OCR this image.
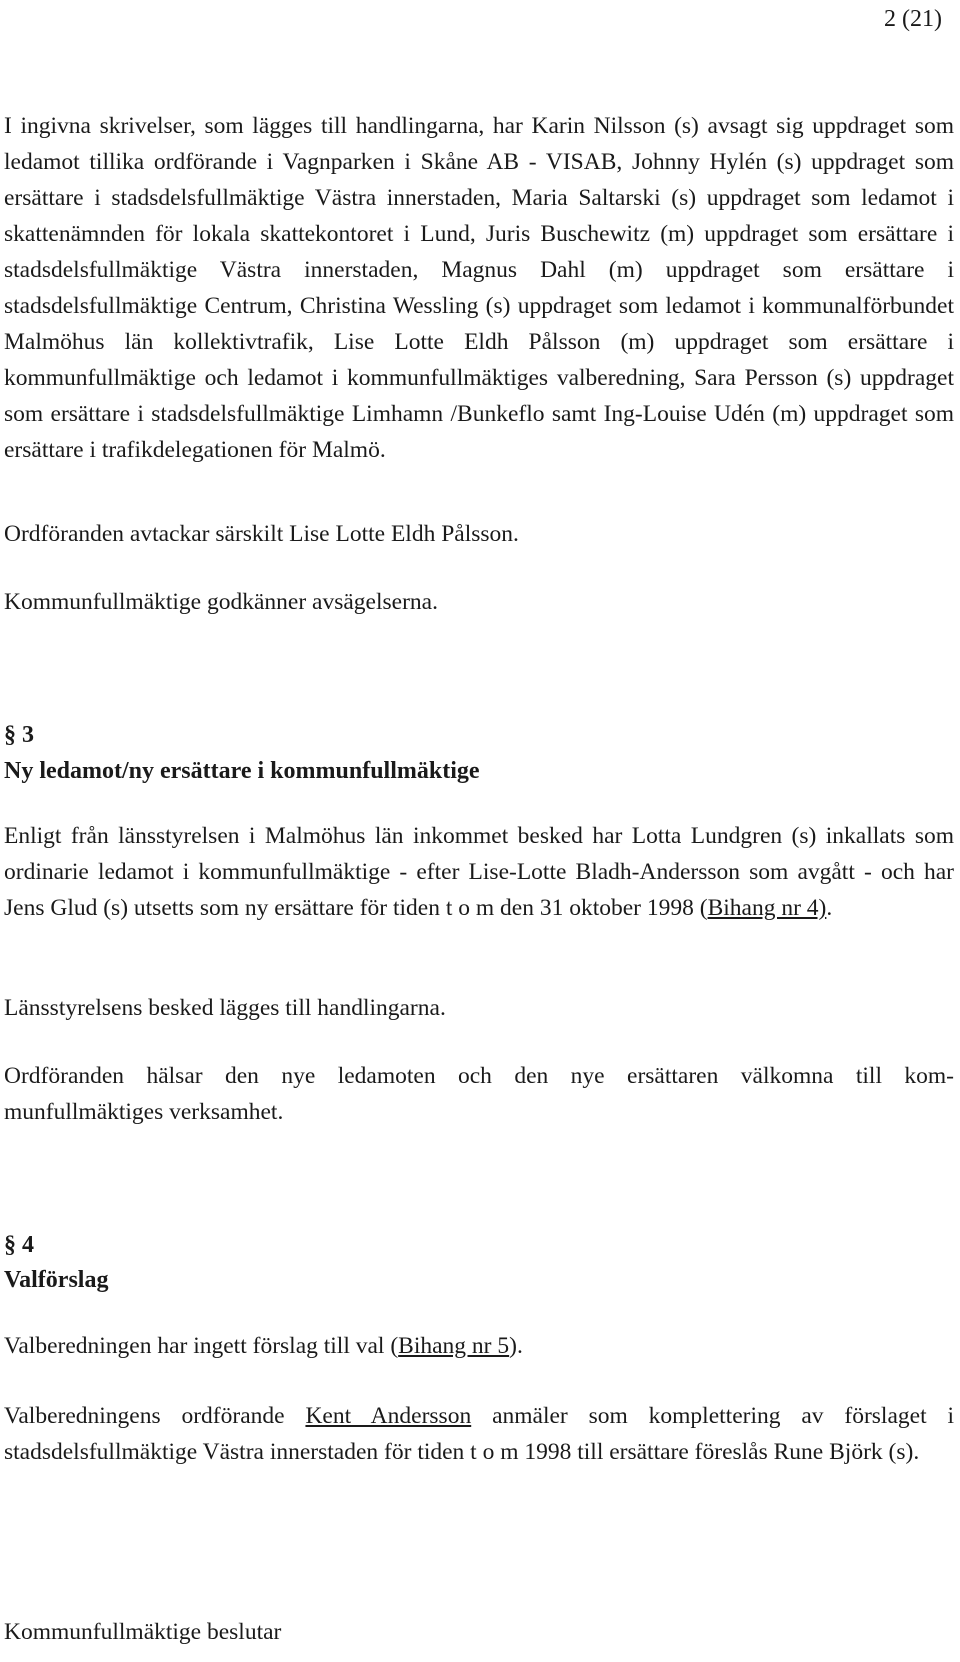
2 (21)

I ingivna skrivelser, som lägges till handlingarna, har Karin Nilsson (s) avsagt sig uppdraget som ledamot tillika ordförande i Vagnparken i Skåne AB - VISAB, Johnny Hylén (s) uppdraget som ersättare i stadsdelsfullmäktige Västra innerstaden, Maria Saltarski (s) uppdraget som ledamot i skattenämnden för lokala skattekontoret i Lund, Juris Buschewitz (m) uppdraget som ersättare i stadsdelsfullmäktige Västra innerstaden, Magnus Dahl (m) uppdraget som ersättare i stadsdelsfullmäktige Centrum, Christina Wessling (s) uppdraget som ledamot i kommunalförbundet Malmöhus län kollektivtrafik, Lise Lotte Eldh Pålsson (m) uppdraget som ersättare i kommunfullmäktige och ledamot i kommunfullmäktiges valberedning, Sara Persson (s) uppdraget som ersättare i stadsdelsfullmäktige Limhamn /Bunkeflo samt Ing-Louise Udén (m) uppdraget som ersättare i trafikdelegationen för Malmö.

Ordföranden avtackar särskilt Lise Lotte Eldh Pålsson.

Kommunfullmäktige godkänner avsägelserna.

§ 3
Ny ledamot/ny ersättare i kommunfullmäktige

Enligt från länsstyrelsen i Malmöhus län inkommet besked har Lotta Lundgren (s) inkallats som ordinarie ledamot i kommunfullmäktige - efter Lise-Lotte Bladh-Andersson som avgått - och har Jens Glud (s) utsetts som ny ersättare för tiden t o m den 31 oktober 1998 (Bihang nr 4).

Länsstyrelsens besked lägges till handlingarna.

Ordföranden hälsar den nye ledamoten och den nye ersättaren välkomna till kom-
munfullmäktiges verksamhet.

§ 4
Valförslag

Valberedningen har ingett förslag till val (Bihang nr 5).

Valberedningens ordförande Kent Andersson anmäler som komplettering av förslaget i stadsdelsfullmäktige Västra innerstaden för tiden t o m 1998 till ersättare föreslås Rune Björk (s).

Kommunfullmäktige beslutar
